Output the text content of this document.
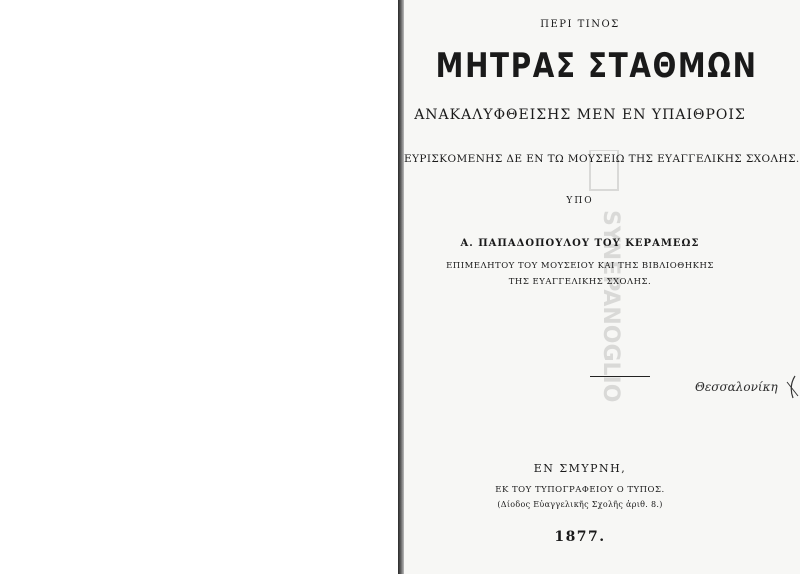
SYNEPANOGLIO
ΠΕΡΙ ΤΙΝΟΣ
ΜΗΤΡΑΣ ΣΤΑΘΜΩΝ
ΑΝΑΚΑΛΥΦΘΕΙΣΗΣ ΜΕΝ ΕΝ ΥΠΑΙΘΡΟΙΣ
ΕΥΡΙΣΚΟΜΕΝΗΣ ΔΕ ΕΝ ΤΩ ΜΟΥΣΕΙΩ ΤΗΣ ΕΥΑΓΓΕΛΙΚΗΣ ΣΧΟΛΗΣ.
ΥΠΟ
Α. ΠΑΠΑΔΟΠΟΥΛΟΥ ΤΟΥ ΚΕΡΑΜΕΩΣ
ΕΠΙΜΕΛΗΤΟΥ ΤΟΥ ΜΟΥΣΕΙΟΥ ΚΑΙ ΤΗΣ ΒΙΒΛΙΟΘΗΚΗΣ
ΤΗΣ ΕΥΑΓΓΕΛΙΚΗΣ ΣΧΟΛΗΣ.
Θεσσαλονίκη
ΕΝ ΣΜΥΡΝΗ,
ΕΚ ΤΟΥ ΤΥΠΟΓΡΑΦΕΙΟΥ Ο ΤΥΠΟΣ.
(Δίοδος Εὐαγγελικῆς Σχολῆς ἀριθ. 8.)
1877.
